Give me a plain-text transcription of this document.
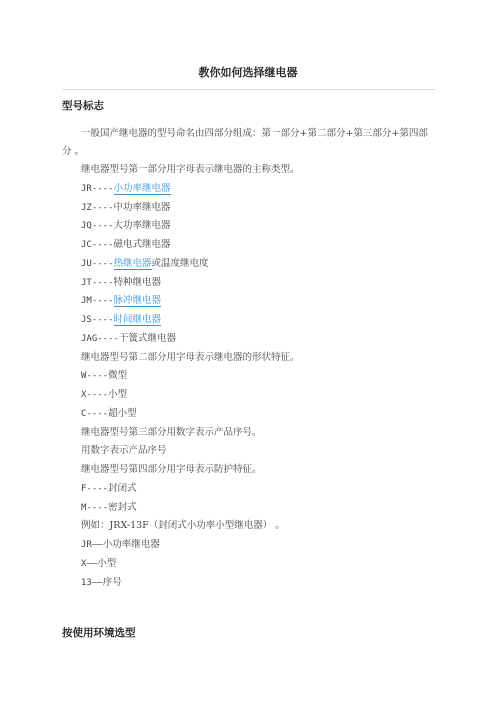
教你如何选择继电器
型号标志
一般国产继电器的型号命名由四部分组成：第一部分+第二部分+第三部分+第四部分 。
继电器型号第一部分用字母表示继电器的主称类型。
JR----小功率继电器
JZ----中功率继电器
JQ----大功率继电器
JC----磁电式继电器
JU----热继电器或温度继电度
JT----特种继电器
JM----脉冲继电器
JS----时间继电器
JAG----干簧式继电器
继电器型号第二部分用字母表示继电器的形状特征。
W----微型
X----小型
C----超小型
继电器型号第三部分用数字表示产品序号。
用数字表示产品序号
继电器型号第四部分用字母表示防护特征。
F----封闭式
M----密封式
例如：JRX-13F（封闭式小功率小型继电器） 。
JR——小功率继电器
X——小型
13——序号
按使用环境选型
